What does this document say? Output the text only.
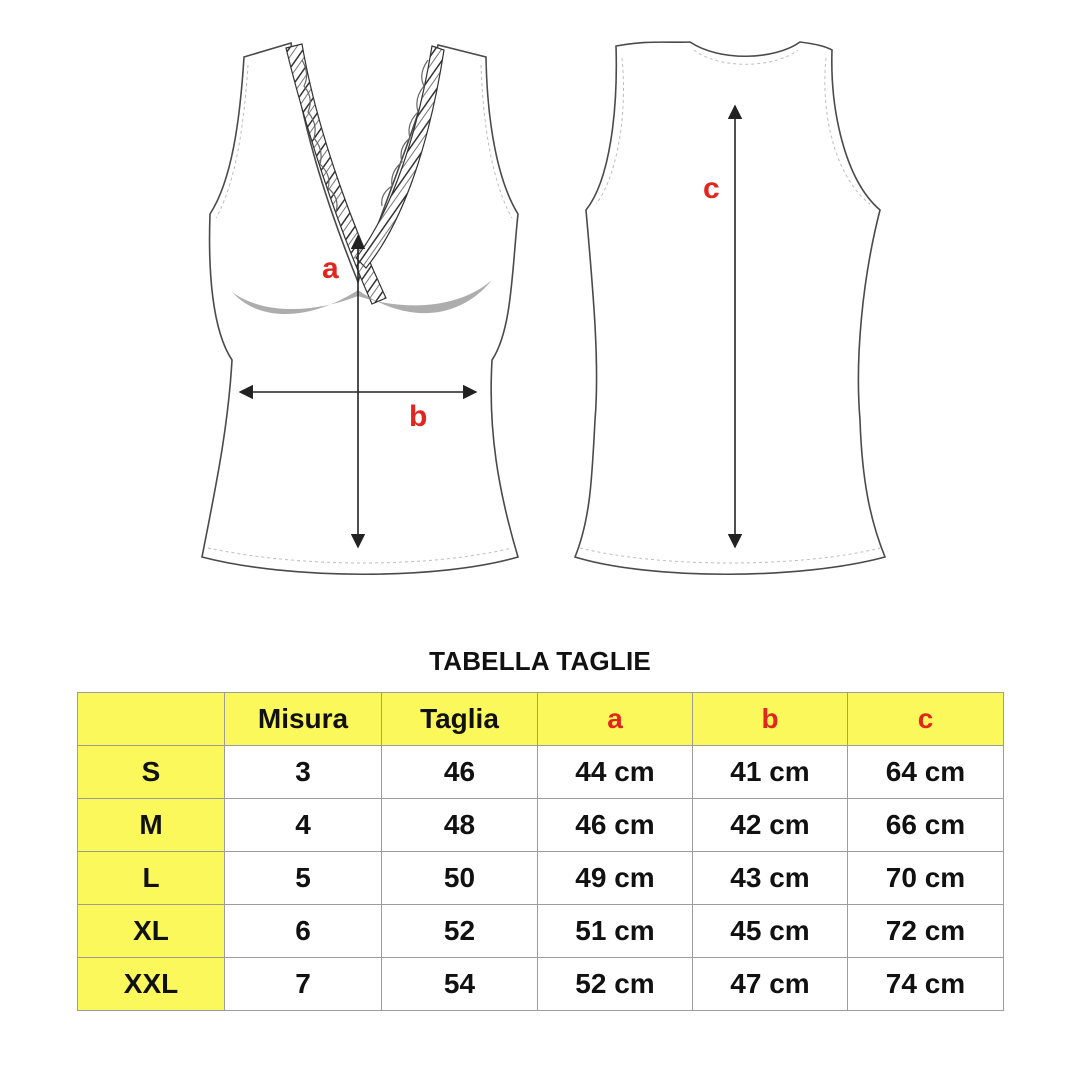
a
b
c
TABELLA TAGLIE
	Misura	Taglia	a	b	c
S	3	46	44 cm	41 cm	64 cm
M	4	48	46 cm	42 cm	66 cm
L	5	50	49 cm	43 cm	70 cm
XL	6	52	51 cm	45 cm	72 cm
XXL	7	54	52 cm	47 cm	74 cm
